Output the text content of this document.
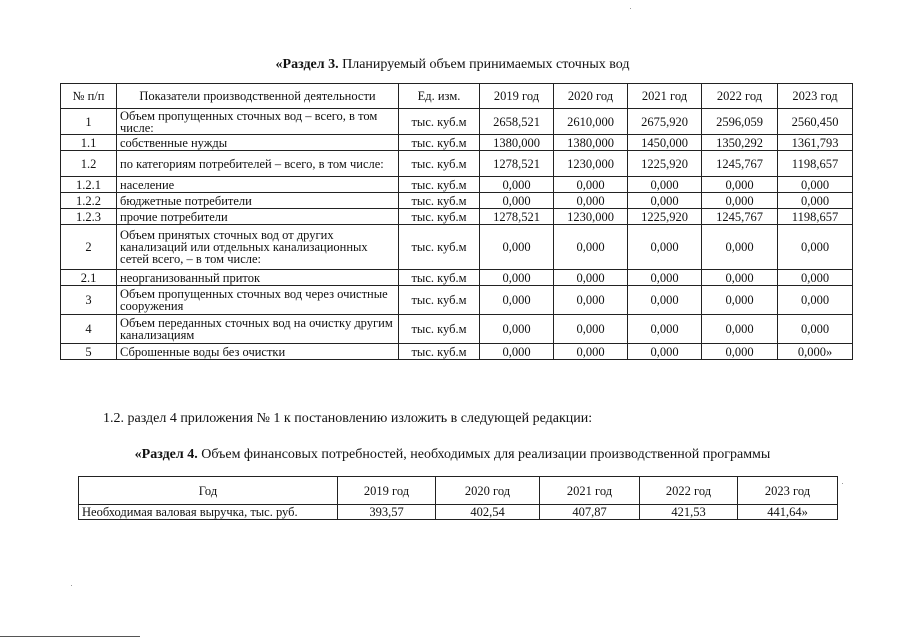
«Раздел 3. Планируемый объем принимаемых сточных вод
№ п/п	Показатели производственной деятельности	Ед. изм.	2019 год	2020 год	2021 год	2022 год	2023 год
1	Объем пропущенных сточных вод – всего, в том числе:	тыс. куб.м	2658,521	2610,000	2675,920	2596,059	2560,450
1.1	собственные нужды	тыс. куб.м	1380,000	1380,000	1450,000	1350,292	1361,793
1.2	по категориям потребителей – всего, в том числе:	тыс. куб.м	1278,521	1230,000	1225,920	1245,767	1198,657
1.2.1	население	тыс. куб.м	0,000	0,000	0,000	0,000	0,000
1.2.2	бюджетные потребители	тыс. куб.м	0,000	0,000	0,000	0,000	0,000
1.2.3	прочие потребители	тыс. куб.м	1278,521	1230,000	1225,920	1245,767	1198,657
2	Объем принятых сточных вод от других канализаций или отдельных канализационных сетей всего, – в том числе:	тыс. куб.м	0,000	0,000	0,000	0,000	0,000
2.1	неорганизованный приток	тыс. куб.м	0,000	0,000	0,000	0,000	0,000
3	Объем пропущенных сточных вод через очистные сооружения	тыс. куб.м	0,000	0,000	0,000	0,000	0,000
4	Объем переданных сточных вод на очистку другим канализациям	тыс. куб.м	0,000	0,000	0,000	0,000	0,000
5	Сброшенные воды без очистки	тыс. куб.м	0,000	0,000	0,000	0,000	0,000»
1.2. раздел 4 приложения № 1 к постановлению изложить в следующей редакции:
«Раздел 4. Объем финансовых потребностей, необходимых для реализации производственной программы
Год	2019 год	2020 год	2021 год	2022 год	2023 год
Необходимая валовая выручка, тыс. руб.	393,57	402,54	407,87	421,53	441,64»
